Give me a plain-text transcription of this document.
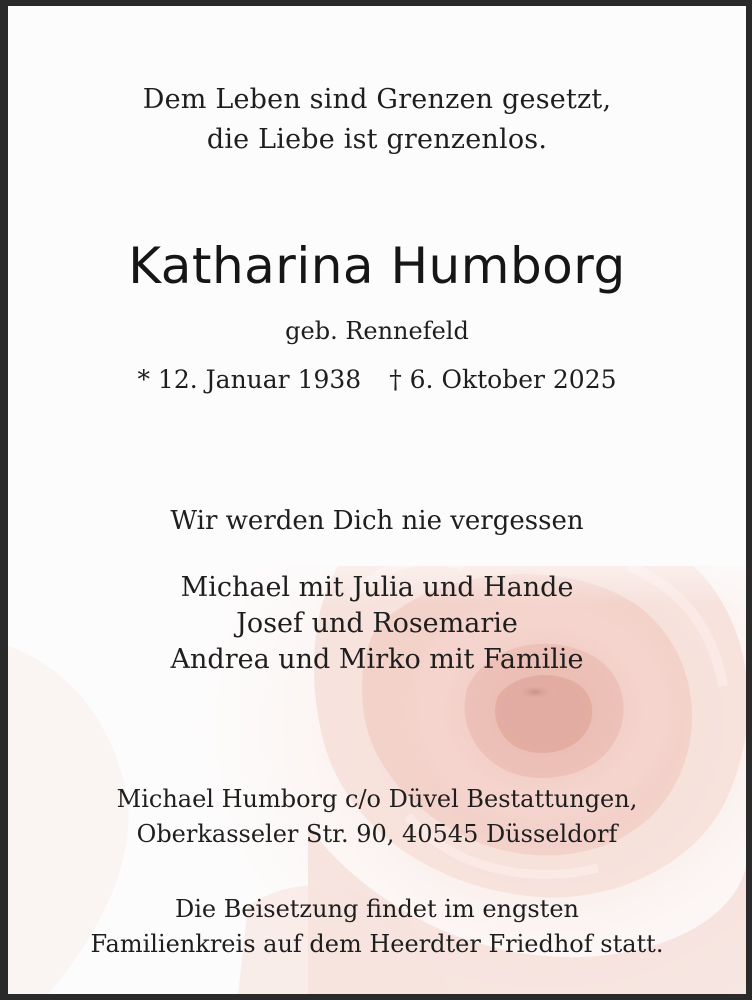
Dem Leben sind Grenzen gesetzt,
die Liebe ist grenzenlos.
Katharina Humborg
geb. Rennefeld
* 12. Januar 1938 † 6. Oktober 2025
Wir werden Dich nie vergessen
Michael mit Julia und Hande
Josef und Rosemarie
Andrea und Mirko mit Familie
Michael Humborg c/o Düvel Bestattungen,
Oberkasseler Str. 90, 40545 Düsseldorf
Die Beisetzung findet im engsten
Familienkreis auf dem Heerdter Friedhof statt.
